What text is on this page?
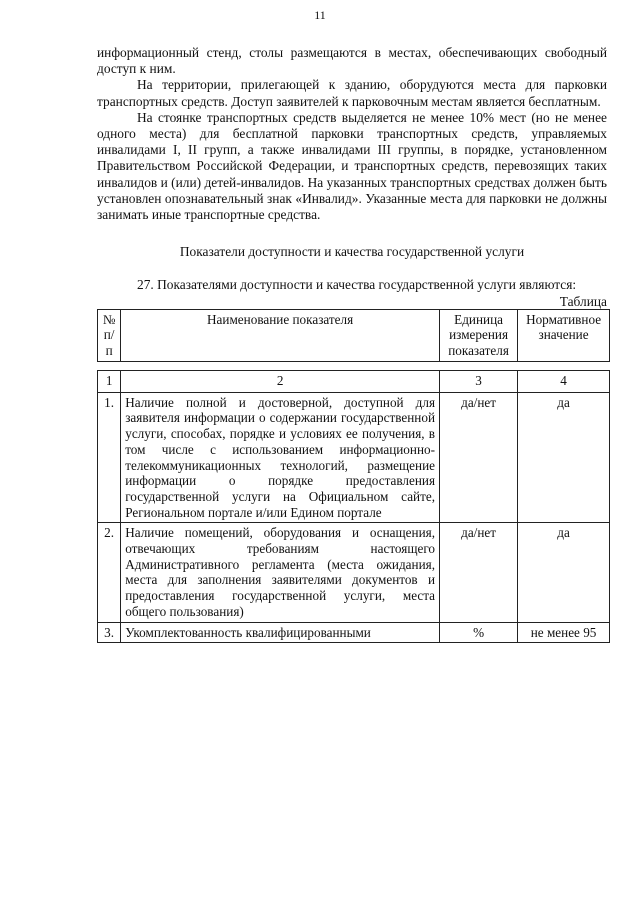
11

информационный стенд, столы размещаются в местах, обеспечивающих свободный доступ к ним.

На территории, прилегающей к зданию, оборудуются места для парковки транспортных средств. Доступ заявителей к парковочным местам является бесплатным.

На стоянке транспортных средств выделяется не менее 10% мест (но не менее одного места) для бесплатной парковки транспортных средств, управляемых инвалидами I, II групп, а также инвалидами III группы, в порядке, установленном Правительством Российской Федерации, и транспортных средств, перевозящих таких инвалидов и (или) детей-инвалидов. На указанных транспортных средствах должен быть установлен опознавательный знак «Инвалид». Указанные места для парковки не должны занимать иные транспортные средства.

Показатели доступности и качества государственной услуги

27. Показателями доступности и качества государственной услуги являются:

Таблица
№ п/п	Наименование показателя	Единица измерения показателя	Нормативное значение

1	2	3	4
1.	Наличие полной и достоверной, доступной для заявителя информации о содержании государственной услуги, способах, порядке и условиях ее получения, в том числе с использованием информационно-телекоммуникационных технологий, размещение информации о порядке предоставления государственной услуги на Официальном сайте, Региональном портале и/или Едином портале	да/нет	да
2.	Наличие помещений, оборудования и оснащения, отвечающих требованиям настоящего Административного регламента (места ожидания, места для заполнения заявителями документов и предоставления государственной услуги, места общего пользования)	да/нет	да
3.	Укомплектованность квалифицированными	%	не менее 95
